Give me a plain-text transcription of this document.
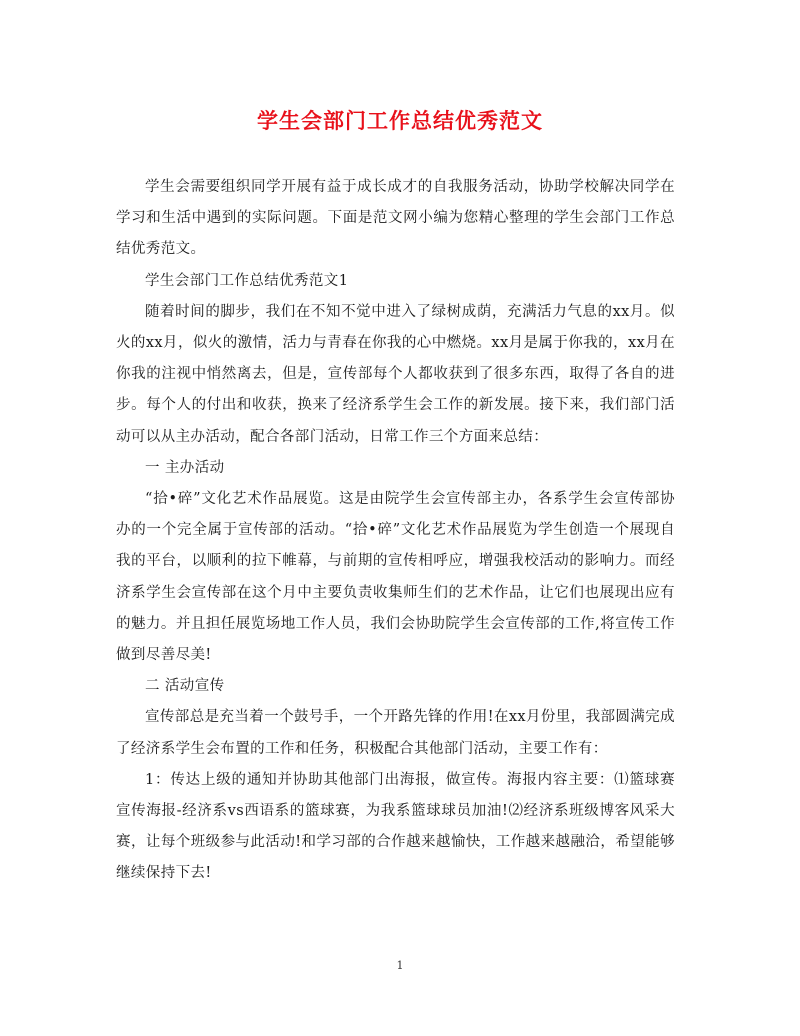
学生会部门工作总结优秀范文

学生会需要组织同学开展有益于成长成才的自我服务活动，协助学校解决同学在学习和生活中遇到的实际问题。下面是范文网小编为您精心整理的学生会部门工作总结优秀范文。

学生会部门工作总结优秀范文1

随着时间的脚步，我们在不知不觉中进入了绿树成荫，充满活力气息的xx月。似火的xx月，似火的激情，活力与青春在你我的心中燃烧。xx月是属于你我的，xx月在你我的注视中悄然离去，但是，宣传部每个人都收获到了很多东西，取得了各自的进步。每个人的付出和收获，换来了经济系学生会工作的新发展。接下来，我们部门活动可以从主办活动，配合各部门活动，日常工作三个方面来总结：

一 主办活动

“拾•碎”文化艺术作品展览。这是由院学生会宣传部主办，各系学生会宣传部协办的一个完全属于宣传部的活动。“拾•碎”文化艺术作品展览为学生创造一个展现自我的平台，以顺利的拉下帷幕，与前期的宣传相呼应，增强我校活动的影响力。而经济系学生会宣传部在这个月中主要负责收集师生们的艺术作品，让它们也展现出应有的魅力。并且担任展览场地工作人员，我们会协助院学生会宣传部的工作,将宣传工作做到尽善尽美!

二 活动宣传

宣传部总是充当着一个鼓号手，一个开路先锋的作用!在xx月份里，我部圆满完成了经济系学生会布置的工作和任务，积极配合其他部门活动，主要工作有：

1：传达上级的通知并协助其他部门出海报，做宣传。海报内容主要：⑴篮球赛宣传海报-经济系vs西语系的篮球赛，为我系篮球球员加油!⑵经济系班级博客风采大赛，让每个班级参与此活动!和学习部的合作越来越愉快，工作越来越融洽，希望能够继续保持下去!

1
